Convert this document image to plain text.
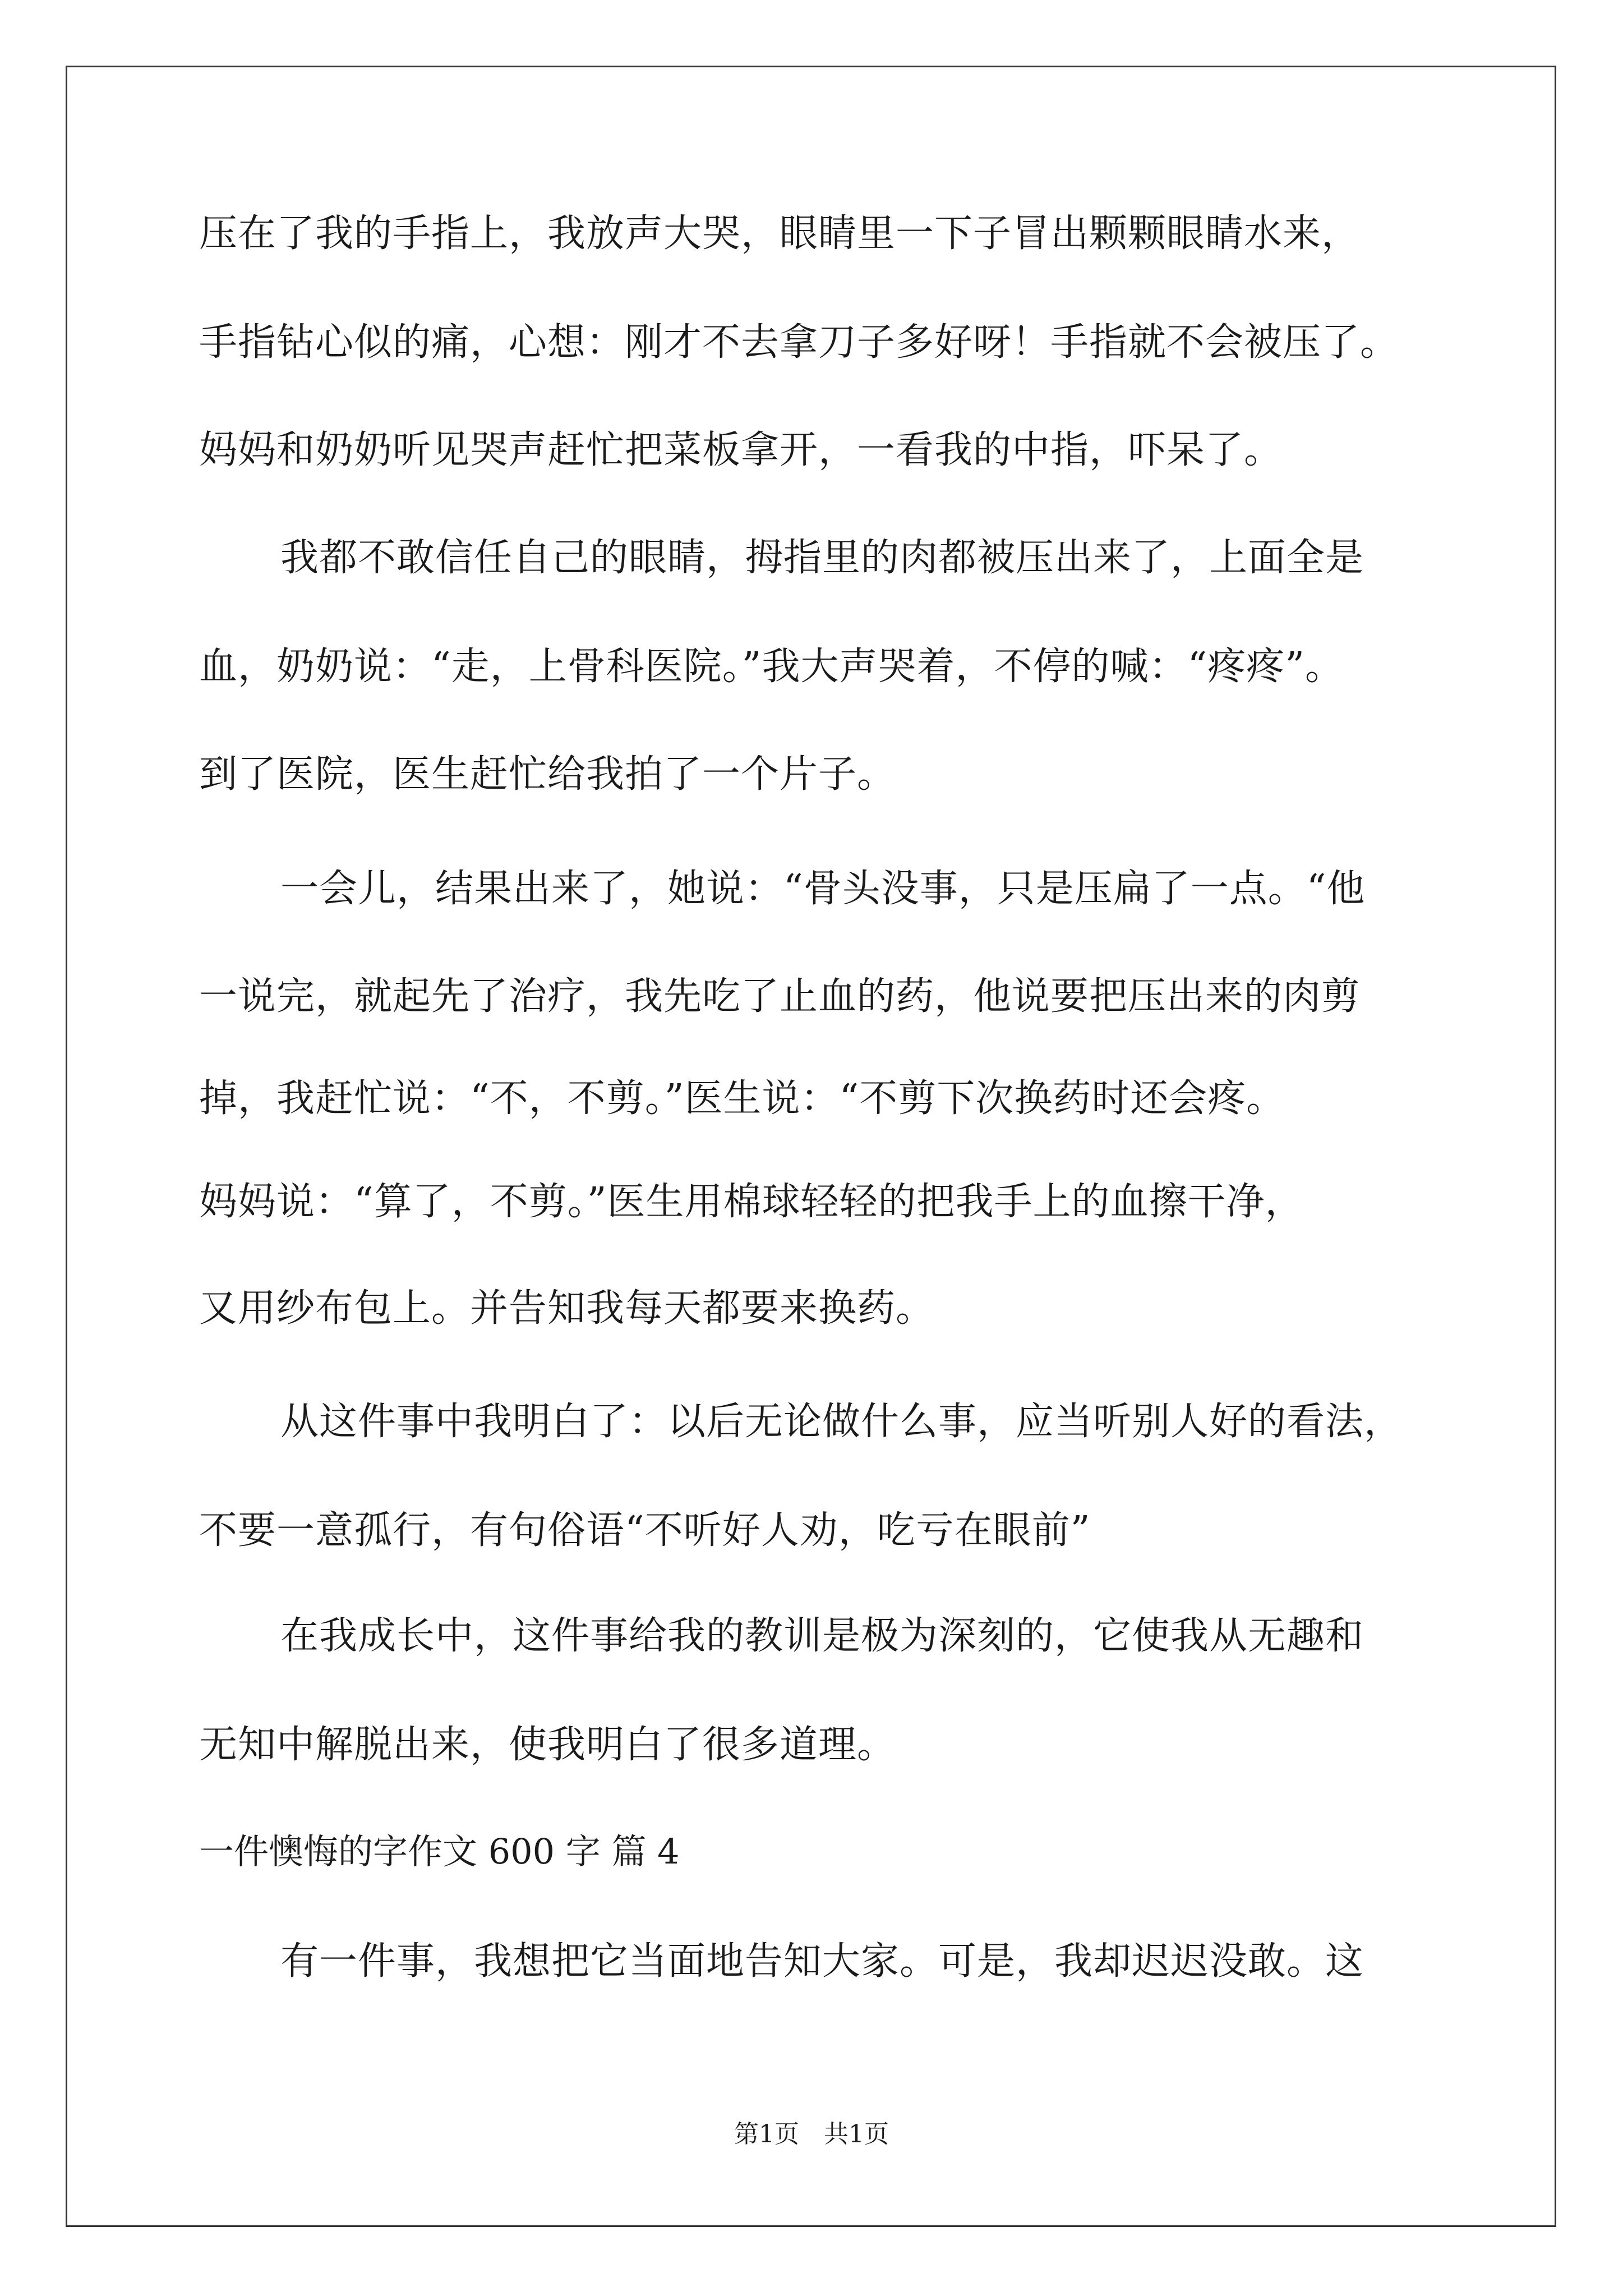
压在了我的手指上，我放声大哭，眼睛里一下子冒出颗颗眼睛水来，
手指钻心似的痛，心想：刚才不去拿刀子多好呀！手指就不会被压了。
妈妈和奶奶听见哭声赶忙把菜板拿开，一看我的中指，吓呆了。
我都不敢信任自己的眼睛，拇指里的肉都被压出来了，上面全是
血，奶奶说：“走，上骨科医院。”我大声哭着，不停的喊：“疼疼”。
到了医院，医生赶忙给我拍了一个片子。
一会儿，结果出来了，她说：“骨头没事，只是压扁了一点。“他
一说完，就起先了治疗，我先吃了止血的药，他说要把压出来的肉剪
掉，我赶忙说：“不，不剪。”医生说：“不剪下次换药时还会疼。
妈妈说：“算了，不剪。”医生用棉球轻轻的把我手上的血擦干净，
又用纱布包上。并告知我每天都要来换药。
从这件事中我明白了：以后无论做什么事，应当听别人好的看法，
不要一意孤行，有句俗语“不听好人劝，吃亏在眼前”
在我成长中，这件事给我的教训是极为深刻的，它使我从无趣和
无知中解脱出来，使我明白了很多道理。
一件懊悔的字作文 600 字 篇 4
有一件事，我想把它当面地告知大家。可是，我却迟迟没敢。这
第1页 共1页
